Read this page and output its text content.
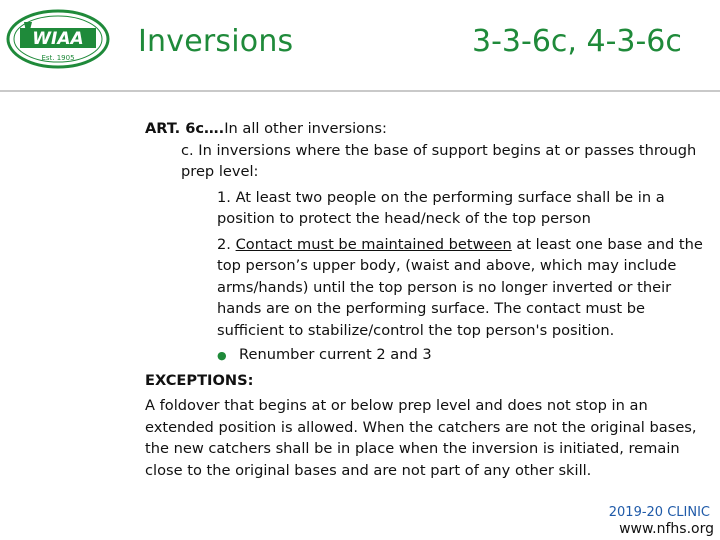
WIAA
Est. 1905 Inversions	3-3-6c, 4-3-6c

ART. 6c….In all other inversions:

c. In inversions where the base of support begins at or passes through prep level:

1. At least two people on the performing surface shall be in a position to protect the head/neck of the top person

2. Contact must be maintained between at least one base and the top person’s upper body, (waist and above, which may include arms/hands) until the top person is no longer inverted or their hands are on the performing surface. The contact must be sufficient to stabilize/control the top person's position.

● Renumber current 2 and 3

EXCEPTIONS:

A foldover that begins at or below prep level and does not stop in an extended position is allowed. When the catchers are not the original bases, the new catchers shall be in place when the inversion is initiated, remain close to the original bases and are not part of any other skill.

2019-20 CLINIC
www.nfhs.org
